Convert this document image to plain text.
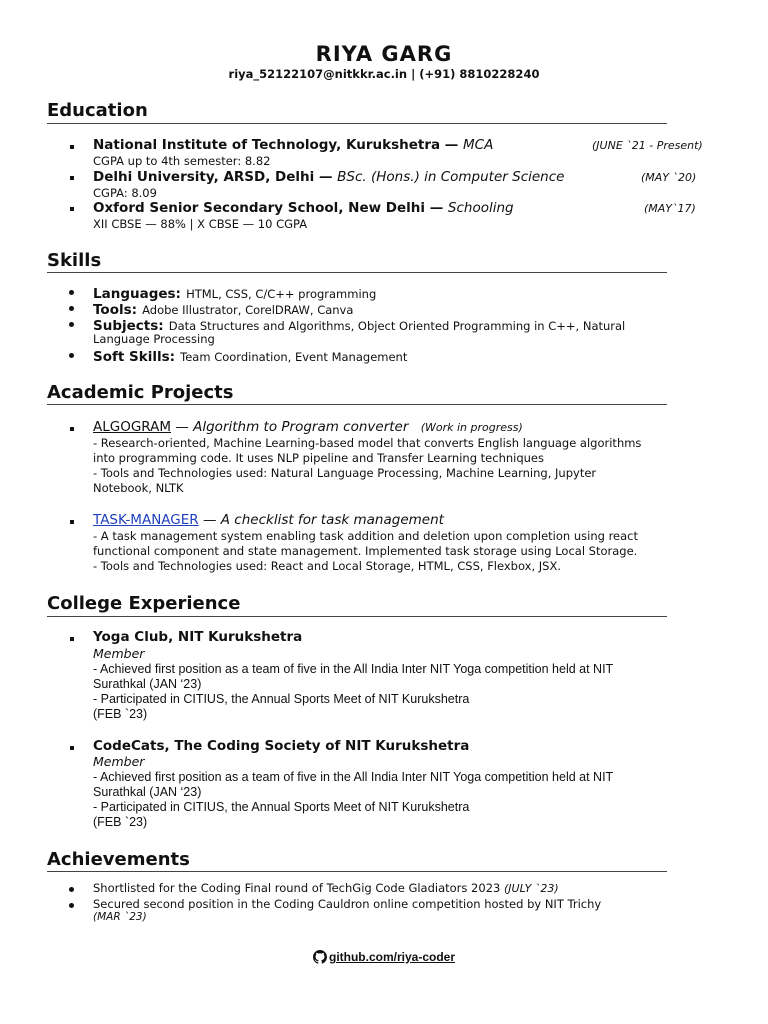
RIYA GARG
riya_52122107@nitkkr.ac.in | (+91) 8810228240
Education
National Institute of Technology, Kurukshetra — MCA	(JUNE `21 - Present)
CGPA up to 4th semester: 8.82
Delhi University, ARSD, Delhi — BSc. (Hons.) in Computer Science	(MAY `20)
CGPA: 8.09
Oxford Senior Secondary School, New Delhi — Schooling	(MAY`17)
XII CBSE — 88% | X CBSE — 10 CGPA
Skills
Languages: HTML, CSS, C/C++ programming
Tools: Adobe Illustrator, CorelDRAW, Canva
Subjects: Data Structures and Algorithms, Object Oriented Programming in C++, Natural
Language Processing
Soft Skills: Team Coordination, Event Management
Academic Projects
ALGOGRAM — Algorithm to Program converter (Work in progress)
- Research-oriented, Machine Learning-based model that converts English language algorithms
into programming code. It uses NLP pipeline and Transfer Learning techniques
- Tools and Technologies used: Natural Language Processing, Machine Learning, Jupyter
Notebook, NLTK
TASK-MANAGER — A checklist for task management
- A task management system enabling task addition and deletion upon completion using react
functional component and state management. Implemented task storage using Local Storage.
- Tools and Technologies used: React and Local Storage, HTML, CSS, Flexbox, JSX.
College Experience
Yoga Club, NIT Kurukshetra
Member
- Achieved first position as a team of five in the All India Inter NIT Yoga competition held at NIT
Surathkal (JAN ‘23)
- Participated in CITIUS, the Annual Sports Meet of NIT Kurukshetra
(FEB `23)
CodeCats, The Coding Society of NIT Kurukshetra
Member
- Achieved first position as a team of five in the All India Inter NIT Yoga competition held at NIT
Surathkal (JAN ‘23)
- Participated in CITIUS, the Annual Sports Meet of NIT Kurukshetra
(FEB `23)
Achievements
Shortlisted for the Coding Final round of TechGig Code Gladiators 2023 (JULY `23)
Secured second position in the Coding Cauldron online competition hosted by NIT Trichy
(MAR `23)
github.com/riya-coder
